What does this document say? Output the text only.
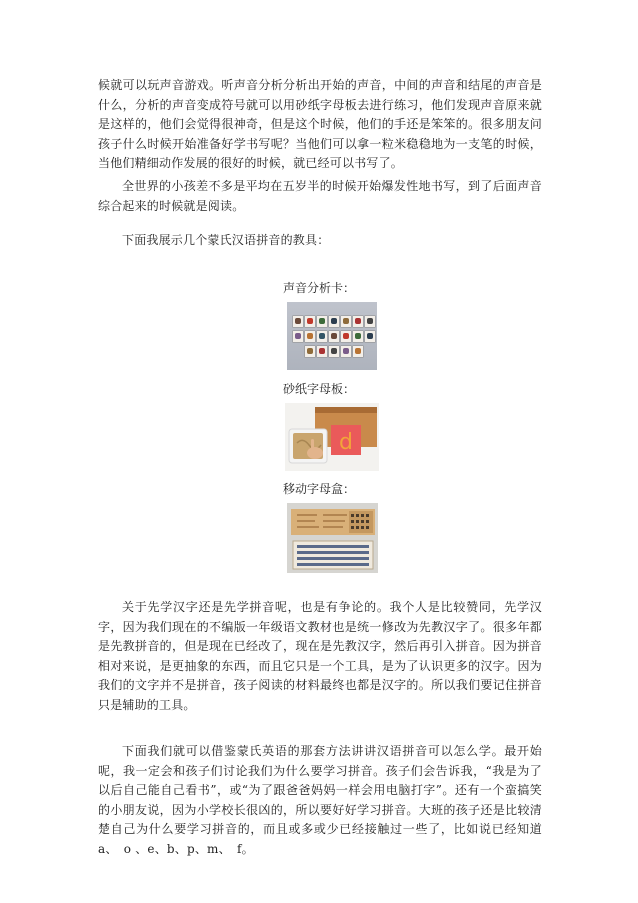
候就可以玩声音游戏。听声音分析分析出开始的声音，中间的声音和结尾的声音是什么，分析的声音变成符号就可以用砂纸字母板去进行练习，他们发现声音原来就是这样的，他们会觉得很神奇，但是这个时候，他们的手还是笨笨的。很多朋友问孩子什么时候开始准备好学书写呢？当他们可以拿一粒米稳稳地为一支笔的时候，当他们精细动作发展的很好的时候，就已经可以书写了。

全世界的小孩差不多是平均在五岁半的时候开始爆发性地书写，到了后面声音综合起来的时候就是阅读。

下面我展示几个蒙氏汉语拼音的教具：

声音分析卡：

砂纸字母板：

d

移动字母盒：

关于先学汉字还是先学拼音呢，也是有争论的。我个人是比较赞同，先学汉字，因为我们现在的不编版一年级语文教材也是统一修改为先教汉字了。很多年都是先教拼音的，但是现在已经改了，现在是先教汉字，然后再引入拼音。因为拼音相对来说，是更抽象的东西，而且它只是一个工具，是为了认识更多的汉字。因为我们的文字并不是拼音，孩子阅读的材料最终也都是汉字的。所以我们要记住拼音只是辅助的工具。

下面我们就可以借鉴蒙氏英语的那套方法讲讲汉语拼音可以怎么学。最开始呢，我一定会和孩子们讨论我们为什么要学习拼音。孩子们会告诉我，“我是为了以后自己能自己看书”，或“为了跟爸爸妈妈一样会用电脑打字”。还有一个蛮搞笑的小朋友说，因为小学校长很凶的，所以要好好学习拼音。大班的孩子还是比较清楚自己为什么要学习拼音的，而且或多或少已经接触过一些了，比如说已经知道 a、　o 、e、b、p、m、　f。
